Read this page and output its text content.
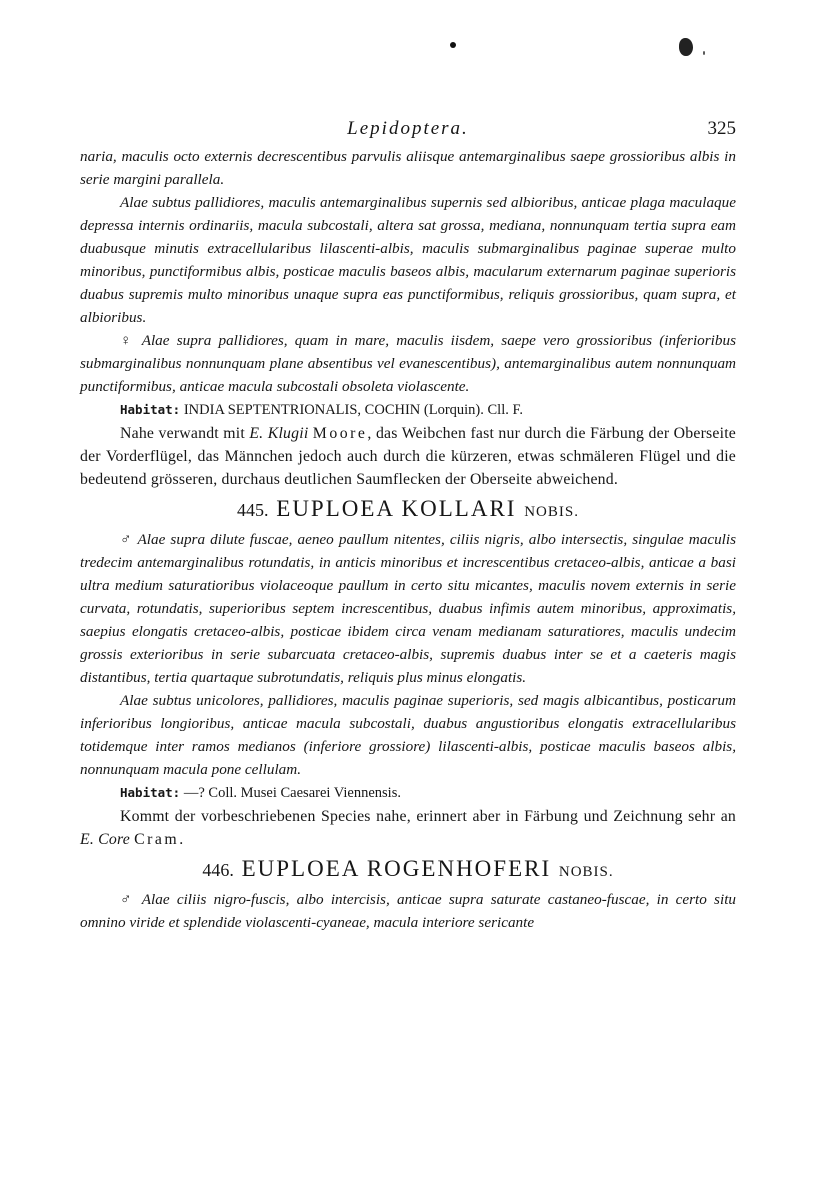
Lepidoptera.	325

naria, maculis octo externis decrescentibus parvulis aliisque antemarginalibus saepe grossioribus albis in serie margini parallela.

Alae subtus pallidiores, maculis antemarginalibus supernis sed albioribus, anticae plaga maculaque depressa internis ordinariis, macula subcostali, altera sat grossa, mediana, nonnunquam tertia supra eam duabusque minutis extracellularibus lilascenti-albis, maculis submarginalibus paginae superae multo minoribus, punctiformibus albis, posticae maculis baseos albis, macularum externarum paginae superioris duabus supremis multo minoribus unaque supra eas punctiformibus, reliquis grossioribus, quam supra, et albioribus.

♀ Alae supra pallidiores, quam in mare, maculis iisdem, saepe vero grossioribus (inferioribus submarginalibus nonnunquam plane absentibus vel evanescentibus), antemarginalibus autem nonnunquam punctiformibus, anticae macula subcostali obsoleta violascente.

Habitat: INDIA SEPTENTRIONALIS, COCHIN (Lorquin). Cll. F.

Nahe verwandt mit E. Klugii Moore, das Weibchen fast nur durch die Färbung der Oberseite der Vorderflügel, das Männchen jedoch auch durch die kürzeren, etwas schmäleren Flügel und die bedeutend grösseren, durchaus deutlichen Saumflecken der Oberseite abweichend.

445. EUPLOEA KOLLARI NOBIS.

♂ Alae supra dilute fuscae, aeneo paullum nitentes, ciliis nigris, albo intersectis, singulae maculis tredecim antemarginalibus rotundatis, in anticis minoribus et increscentibus cretaceo-albis, anticae a basi ultra medium saturatioribus violaceoque paullum in certo situ micantes, maculis novem externis in serie curvata, rotundatis, superioribus septem increscentibus, duabus infimis autem minoribus, approximatis, saepius elongatis cretaceo-albis, posticae ibidem circa venam medianam saturatiores, maculis undecim grossis exterioribus in serie subarcuata cretaceo-albis, supremis duabus inter se et a caeteris magis distantibus, tertia quartaque subrotundatis, reliquis plus minus elongatis.

Alae subtus unicolores, pallidiores, maculis paginae superioris, sed magis albicantibus, posticarum inferioribus longioribus, anticae macula subcostali, duabus angustioribus elongatis extracellularibus totidemque inter ramos medianos (inferiore grossiore) lilascenti-albis, posticae maculis baseos albis, nonnunquam macula pone cellulam.

Habitat: —? Coll. Musei Caesarei Viennensis.

Kommt der vorbeschriebenen Species nahe, erinnert aber in Färbung und Zeichnung sehr an E. Core Cram.

446. EUPLOEA ROGENHOFERI NOBIS.

♂ Alae ciliis nigro-fuscis, albo intercisis, anticae supra saturate castaneo-fuscae, in certo situ omnino viride et splendide violascenti-cyaneae, macula interiore sericante
